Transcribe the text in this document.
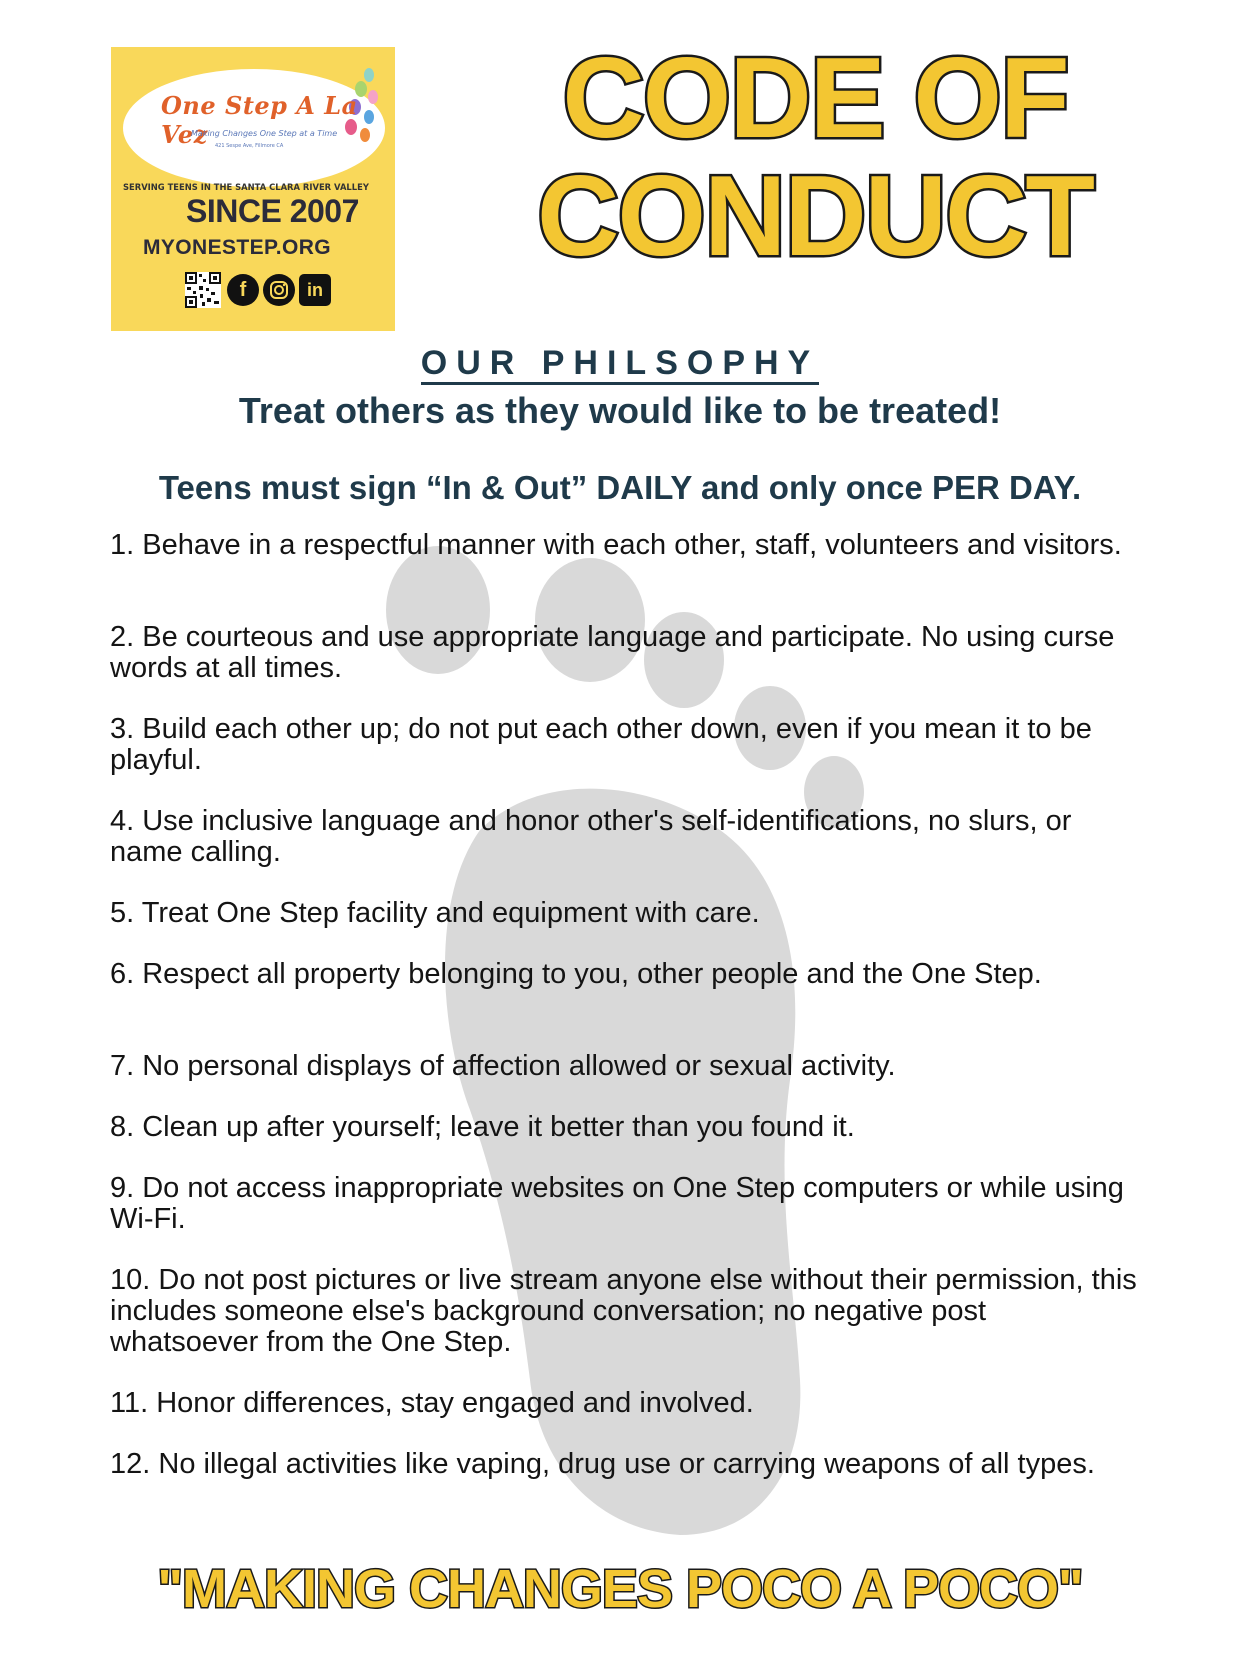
One Step A La Vez
Making Changes One Step at a Time
421 Sespe Ave, Fillmore CA
SERVING TEENS IN THE SANTA CLARA RIVER VALLEY
SINCE 2007
MYONESTEP.ORG
f	in
CODE OF
CONDUCT
OUR PHILSOPHY
Treat others as they would like to be treated!
Teens must sign “In & Out” DAILY and only once PER DAY.
1. Behave in a respectful manner with each other, staff, volunteers and visitors.
2. Be courteous and use appropriate language and participate. No using curse words at all times.
3. Build each other up; do not put each other down, even if you mean it to be playful.
4. Use inclusive language and honor other's self-identifications, no slurs, or name calling.
5. Treat One Step facility and equipment with care.
6. Respect all property belonging to you, other people and the One Step.
7. No personal displays of affection allowed or sexual activity.
8. Clean up after yourself; leave it better than you found it.
9. Do not access inappropriate websites on One Step computers or while using Wi-Fi.
10. Do not post pictures or live stream anyone else without their permission, this includes someone else's background conversation; no negative post whatsoever from the One Step.
11. Honor differences, stay engaged and involved.
12. No illegal activities like vaping, drug use or carrying weapons of all types.
"MAKING CHANGES POCO A POCO"
